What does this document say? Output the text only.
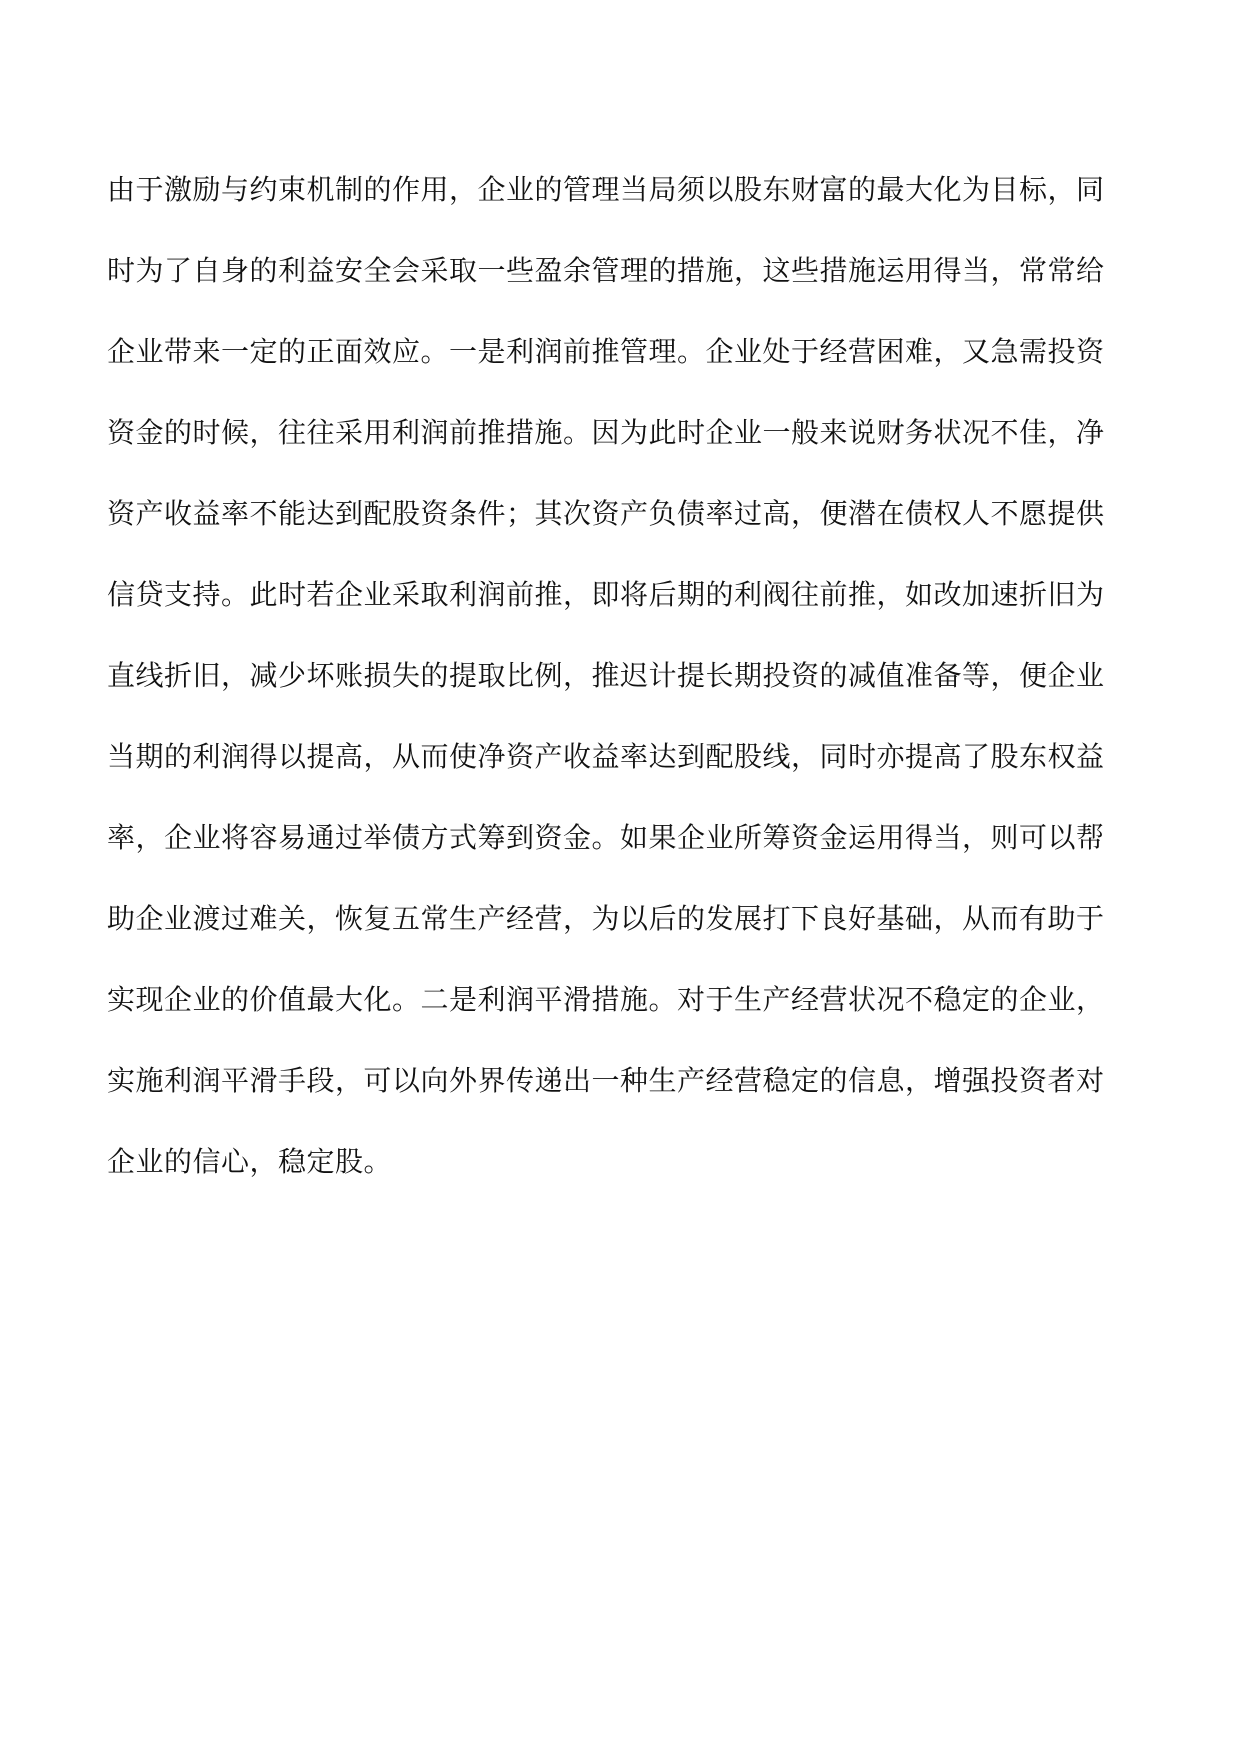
由于激励与约束机制的作用，企业的管理当局须以股东财富的最大化为目标，同
时为了自身的利益安全会采取一些盈余管理的措施，这些措施运用得当，常常给
企业带来一定的正面效应。一是利润前推管理。企业处于经营困难，又急需投资
资金的时候，往往采用利润前推措施。因为此时企业一般来说财务状况不佳，净
资产收益率不能达到配股资条件；其次资产负债率过高，便潜在债权人不愿提供
信贷支持。此时若企业采取利润前推，即将后期的利阀往前推，如改加速折旧为
直线折旧，减少坏账损失的提取比例，推迟计提长期投资的减值准备等，便企业
当期的利润得以提高，从而使净资产收益率达到配股线，同时亦提高了股东权益
率，企业将容易通过举债方式筹到资金。如果企业所筹资金运用得当，则可以帮
助企业渡过难关，恢复五常生产经营，为以后的发展打下良好基础，从而有助于
实现企业的价值最大化。二是利润平滑措施。对于生产经营状况不稳定的企业，
实施利润平滑手段，可以向外界传递出一种生产经营稳定的信息，增强投资者对
企业的信心，稳定股。
